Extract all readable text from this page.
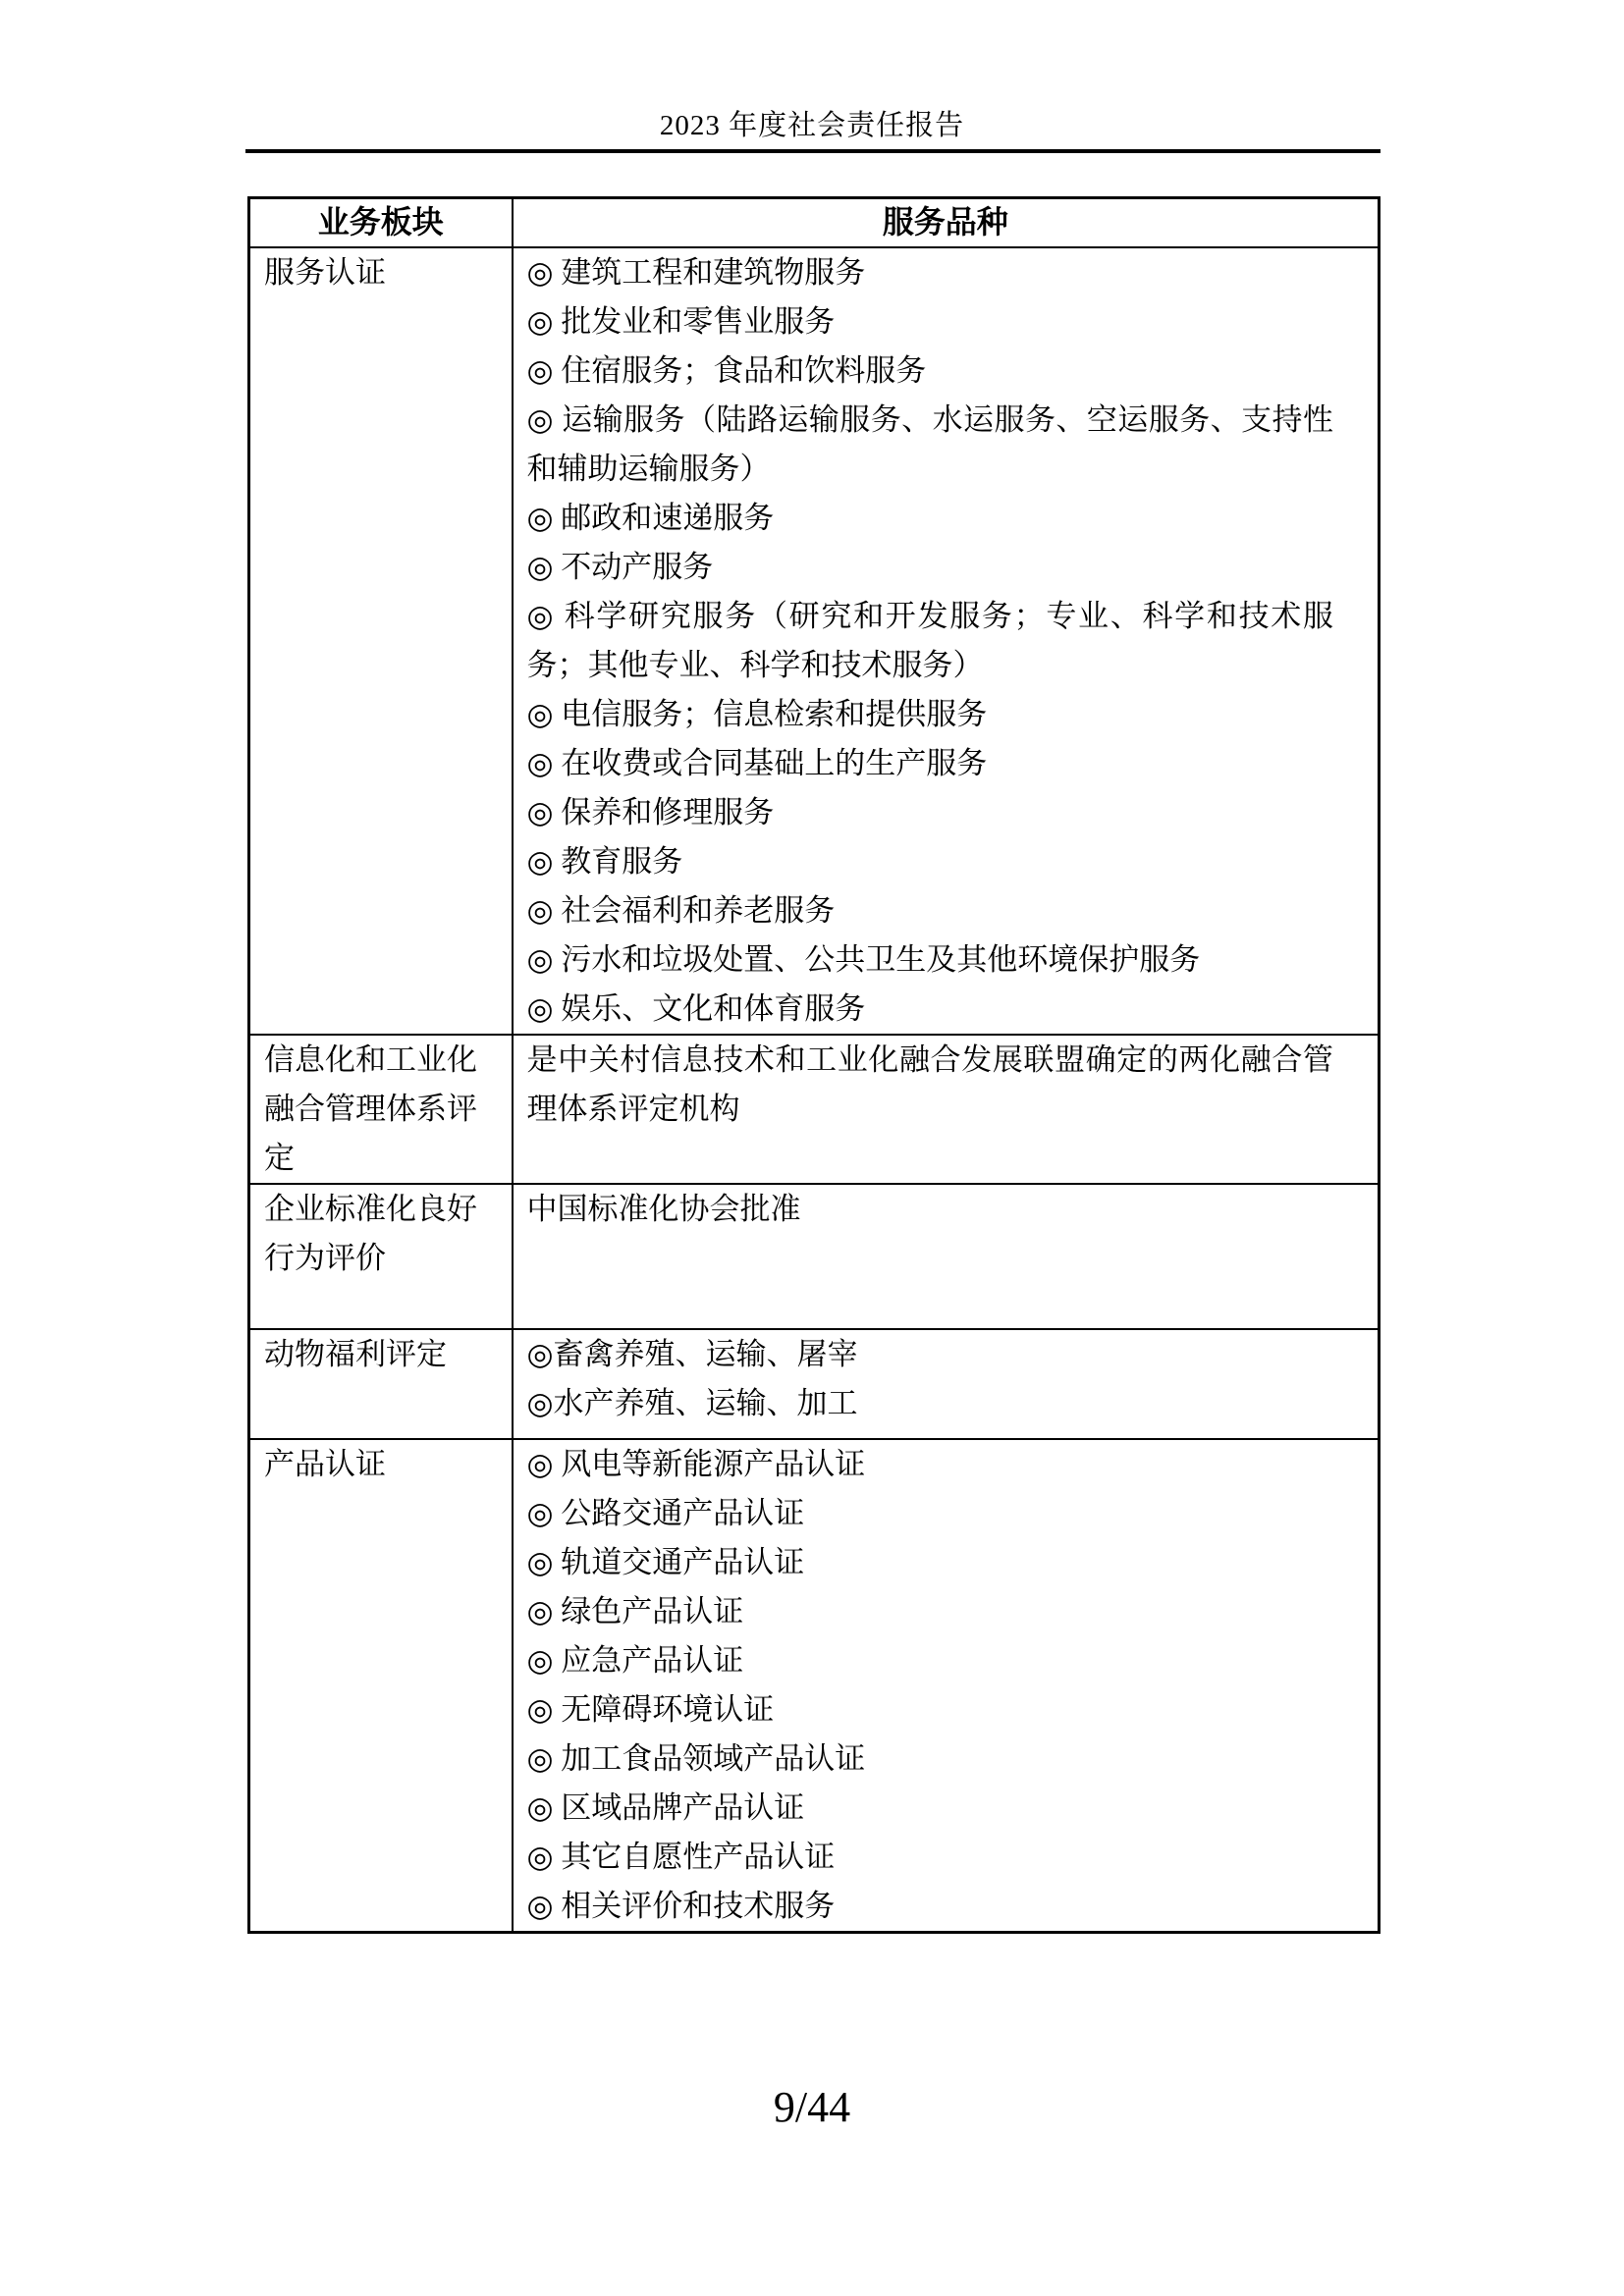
2023 年度社会责任报告
业务板块	服务品种
服务认证	◎ 建筑工程和建筑物服务
◎ 批发业和零售业服务
◎ 住宿服务；食品和饮料服务
◎ 运输服务（陆路运输服务、水运服务、空运服务、支持性和辅助运输服务）
◎ 邮政和速递服务
◎ 不动产服务
◎ 科学研究服务（研究和开发服务；专业、科学和技术服务；其他专业、科学和技术服务）
◎ 电信服务；信息检索和提供服务
◎ 在收费或合同基础上的生产服务
◎ 保养和修理服务
◎ 教育服务
◎ 社会福利和养老服务
◎ 污水和垃圾处置、公共卫生及其他环境保护服务
◎ 娱乐、文化和体育服务

信息化和工业化融合管理体系评定	是中关村信息技术和工业化融合发展联盟确定的两化融合管理体系评定机构

企业标准化良好行为评价	中国标准化协会批准

动物福利评定	◎畜禽养殖、运输、屠宰
◎水产养殖、运输、加工

产品认证	◎ 风电等新能源产品认证
◎ 公路交通产品认证
◎ 轨道交通产品认证
◎ 绿色产品认证
◎ 应急产品认证
◎ 无障碍环境认证
◎ 加工食品领域产品认证
◎ 区域品牌产品认证
◎ 其它自愿性产品认证
◎ 相关评价和技术服务
9/44
